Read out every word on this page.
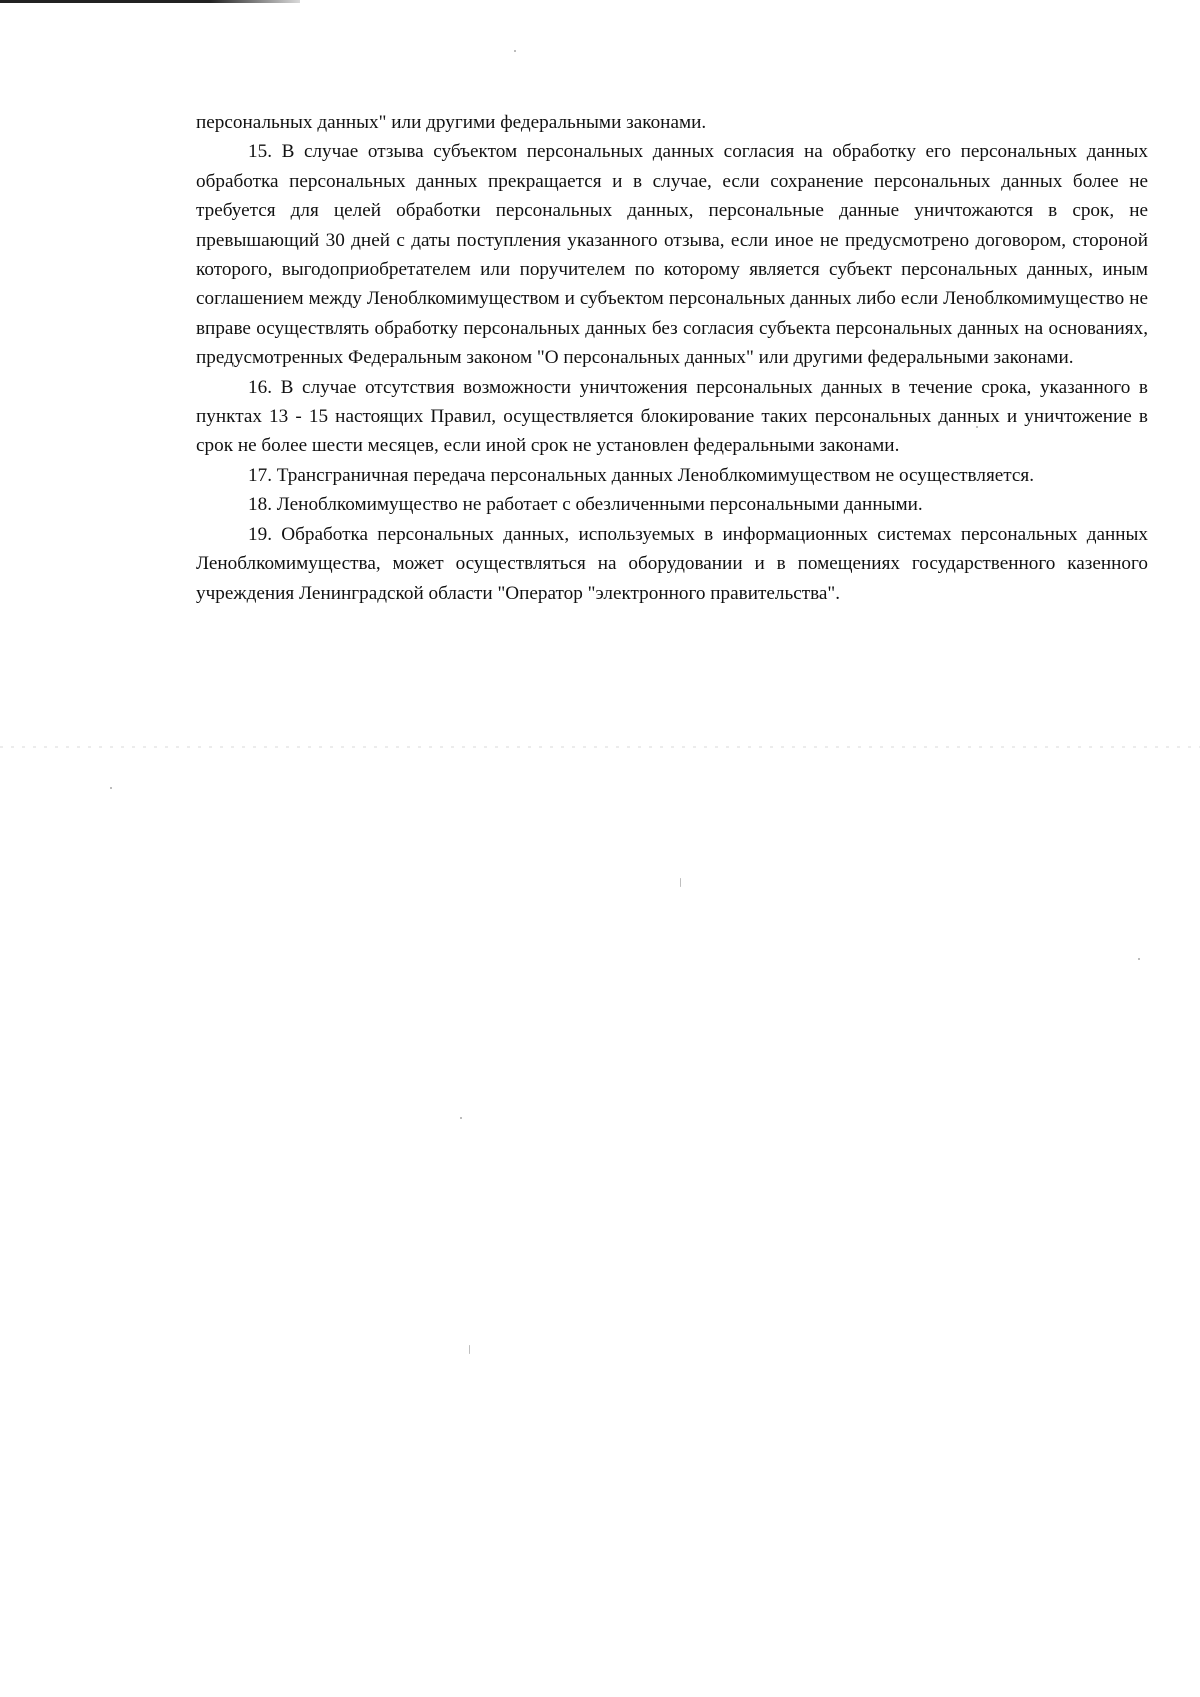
персональных данных" или другими федеральными законами.

15. В случае отзыва субъектом персональных данных согласия на обработку его персональных данных обработка персональных данных прекращается и в случае, если сохранение персональных данных более не требуется для целей обработки персональных данных, персональные данные уничтожаются в срок, не превышающий 30 дней с даты поступления указанного отзыва, если иное не предусмотрено договором, стороной которого, выгодоприобретателем или поручителем по которому является субъект персональных данных, иным соглашением между Леноблкомимуществом и субъектом персональных данных либо если Леноблкомимущество не вправе осуществлять обработку персональных данных без согласия субъекта персональных данных на основаниях, предусмотренных Федеральным законом "О персональных данных" или другими федеральными законами.

16. В случае отсутствия возможности уничтожения персональных данных в течение срока, указанного в пунктах 13 - 15 настоящих Правил, осуществляется блокирование таких персональных данных и уничтожение в срок не более шести месяцев, если иной срок не установлен федеральными законами.

17. Трансграничная передача персональных данных Леноблкомимуществом не осуществляется.

18. Леноблкомимущество не работает с обезличенными персональными данными.

19. Обработка персональных данных, используемых в информационных системах персональных данных Леноблкомимущества, может осуществляться на оборудовании и в помещениях государственного казенного учреждения Ленинградской области "Оператор "электронного правительства".
